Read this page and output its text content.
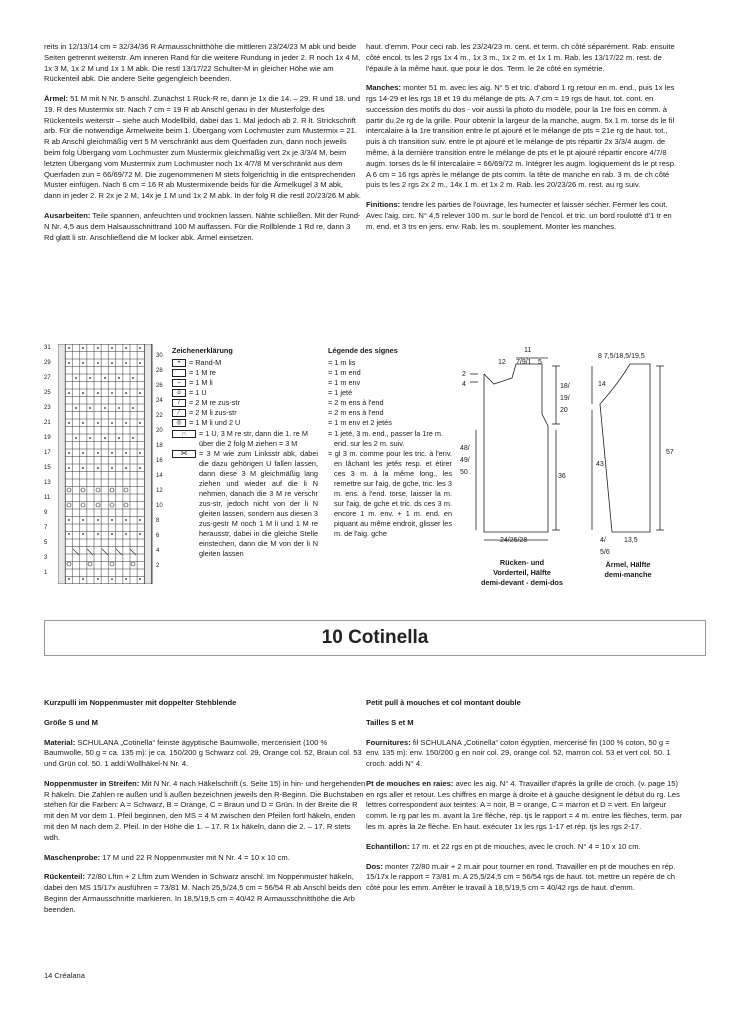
reits in 12/13/14 cm = 32/34/36 R Armausschnitthöhe die mittleren 23/24/23 M abk und beide Seiten getrennt weiterstr. Am inneren Rand für die weitere Rundung in jeder 2. R noch 1x 4 M, 1x 3 M, 1x 2 M und 1x 1 M abk. Die restl 13/17/22 Schulter-M in gleicher Höhe wie am Rückenteil abk. Die andere Seite gegengleich beenden.

Ärmel: 51 M mit N Nr. 5 anschl. Zunächst 1 Rück-R re, dann je 1x die 14. – 29. R und 18. und 19. R des Mustermix str. Nach 7 cm = 19 R ab Anschl genau in der Musterfolge des Rückenteils weiterstr – siehe auch Modellbild, dabei das 1. Mal jedoch ab 2. R lt. Strickschrift arb. Für die notwendige Ärmelweite beim 1. Übergang vom Lochmuster zum Mustermix = 21. R ab Anschl gleichmäßig vert 5 M verschränkt aus dem Querfaden zun, dann noch jeweils beim folg Übergang vom Lochmuster zum Mustermix gleichmäßig vert 2x je 3/3/4 M, beim letzten Übergang vom Mustermix zum Lochmuster noch 1x 4/7/8 M verschränkt aus dem Querfaden zun = 66/69/72 M. Die zugenommenen M stets folgerichtig in die entsprechenden Muster einfügen. Nach 6 cm = 16 R ab Mustermixende beids für die Ärmelkugel 3 M abk, dann in jeder 2. R 2x je 2 M, 14x je 1 M und 1x 2 M abk. In der folg R die restl 20/23/26 M abk.

Ausarbeiten: Teile spannen, anfeuchten und trocknen lassen. Nähte schließen. Mit der Rund-N Nr. 4,5 aus dem Halsausschnittrand 100 M auffassen. Für die Rollblende 1 Rd re, dann 3 Rd glatt li str. Anschließend die M locker abk. Ärmel einsetzen.

haut. d'emm. Pour ceci rab. les 23/24/23 m. cent. et term. ch côté séparément. Rab. ensuite côté encol. ts les 2 rgs 1x 4 m., 1x 3 m., 1x 2 m. et 1x 1 m. Rab. les 13/17/22 m. rest. de l'épaule à la même haut. que pour le dos. Term. le 2e côté en symétrie.

Manches: monter 51 m. avec les aig. N° 5 et tric. d'abord 1 rg retour en m. end., puis 1x les rgs 14-29 et les rgs 18 et 19 du mélange de pts. A 7 cm = 19 rgs de haut. tot. cont. en succession des motifs du dos - voir aussi la photo du modèle, pour la 1re fois en comm. à partir du 2e rg de la grille. Pour obtenir la largeur de la manche, augm. 5x 1 m. torse ds le fil intercalaire à la 1re transition entre le pt ajouré et le mélange de pts = 21e rg de haut. tot., puis à ch transition suiv. entre le pt ajouré et le mélange de pts répartir 2x 3/3/4 augm. de même, à la dernière transition entre le mélange de pts et le pt ajouré répartir encore 4/7/8 augm. torses ds le fil intercalaire = 66/69/72 m. Intégrer les augm. logiquement ds le pt resp. A 6 cm = 16 rgs après le mélange de pts comm. la tête de manche en rab. 3 m. de ch côté puis ts les 2 rgs 2x 2 m., 14x 1 m. et 1x 2 m. Rab. les 20/23/26 m. rest. au rg suiv.

Finitions: tendre les parties de l'ouvrage, les humecter et laisser sécher. Fermer les cout. Avec l'aig. circ. N° 4,5 relever 100 m. sur le bord de l'encol. et tric. un bord roulotté d'1 tr en m. end. et 3 trs en jers. env. Rab. les m. souplement. Monter les manches.

31
29
27
25
23
21
19
17
15
13
11
9
7
5
3
1
30
28
26
24
22
20
18
16
14
12
10
8
6
4
2
Zeichenerklärung
•	= Rand-M
= 1 M re
–	= 1 M li
o	= 1 U
/	= 2 M re zus-str
⁄	= 2 M li zus-str
◎	= 1 M li und 2 U
∩	= 1 U, 3 M re str, dann die 1. re M über die 2 folg M ziehen = 3 M
⋈	= 3 M wie zum Linksstr abk, dabei die dazu gehörigen U fallen lassen, dann diese 3 M gleichmäßig lang ziehen und wieder auf die li N nehmen, danach die 3 M re verschr zus-str, jedoch nicht von der li N gleiten lassen, sondern aus diesen 3 zus-gestr M noch 1 M li und 1 M re herausstr, dabei in die gleiche Stelle einstechen, dann die M von der li N gleiten lassen
Légende des signes
= 1 m lis
= 1 m end
= 1 m env
= 1 jeté
= 2 m ens à l'end
= 2 m ens à l'end
= 1 m env et 2 jetés
= 1 jeté, 3 m. end., passer la 1re m. end. sur les 2 m. suiv.
= gl 3 m. comme pour les tric. à l'env. en lâchant les jetés resp. et étirer ces 3 m. à la même long., les remettre sur l'aig. de gche, tric. les 3 m. ens. à l'end. torse, laisser la m. sur l'aig. de gche et tric. ds ces 3 m. encore 1 m. env. + 1 m. end. en piquant au même endroit, glisser les m. de l'aig. gche
11
12 7/9/1 5
2
4	18/
19/
20
48/
49/
50
36
24/26/28
Rücken- und
Vorderteil, Hälfte
demi-devant - demi-dos
8 7,5/18,5/19,5
14
43
57
4/	13,5
5/6
Ärmel, Hälfte
demi-manche
10 Cotinella

Kurzpulli im Noppenmuster mit doppelter Stehblende

Größe S und M

Material: SCHULANA „Cotinella“ feinste ägyptische Baumwolle, mercerisiert (100 % Baumwolle, 50 g = ca. 135 m): je ca. 150/200 g Schwarz col. 29, Orange col. 52, Braun col. 53 und Grün col. 50. 1 addi Wollhäkel-N Nr. 4.

Noppenmuster in Streifen: Mit N Nr. 4 nach Häkelschrift (s. Seite 15) in hin- und hergehenden R häkeln. Die Zahlen re außen und li außen bezeichnen jeweils den R-Beginn. Die Buchstaben stehen für die Farben: A = Schwarz, B = Orange, C = Braun und D = Grün. In der Breite die R mit den M vor dem 1. Pfeil beginnen, den MS = 4 M zwischen den Pfeilen fortl häkeln, enden mit den M nach dem 2. Pfeil. In der Höhe die 1. – 17. R 1x häkeln, dann die 2. – 17. R stets wdh.

Maschenprobe: 17 M und 22 R Noppenmuster mit N Nr. 4 = 10 x 10 cm.

Rückenteil: 72/80 Lftm + 2 Lftm zum Wenden in Schwarz anschl. Im Noppenmuster häkeln, dabei den MS 15/17x ausführen = 73/81 M. Nach 25,5/24,5 cm = 56/54 R ab Anschl beids den Beginn der Armausschnitte markieren. In 18,5/19,5 cm = 40/42 R Armausschnitthöhe die Arb beenden.

Petit pull à mouches et col montant double

Tailles S et M

Fournitures: fil SCHULANA „Cotinella“ coton égyptien, mercerisé fin (100 % coton, 50 g = env. 135 m): env. 150/200 g en noir col. 29, orange col. 52, marron col. 53 et vert col. 50. 1 croch. addi N° 4.

Pt de mouches en raies: avec les aig. N° 4. Travailler d'après la grille de croch. (v. page 15) en rgs aller et retour. Les chiffres en marge à droite et à gauche désignent le début du rg. Les lettres correspondent aux teintes: A = noir, B = orange, C = marron et D = vert. En largeur comm. le rg par les m. avant la 1re flèche, rép. tjs le rapport = 4 m. entre les flèches, term. par les m. après la 2e flèche. En haut. exécuter 1x les rgs 1-17 et rép. tjs les rgs 2-17.

Echantillon: 17 m. et 22 rgs en pt de mouches, avec le croch. N° 4 = 10 x 10 cm.

Dos: monter 72/80 m.air + 2 m.air pour tourner en rond. Travailler en pt de mouches en rép. 15/17x le rapport = 73/81 m. A 25,5/24,5 cm = 56/54 rgs de haut. tot. mettre un repère de ch côté pour les emm. Arrêter le travail à 18,5/19,5 cm = 40/42 rgs de haut. d'emm.

14 Créalana
